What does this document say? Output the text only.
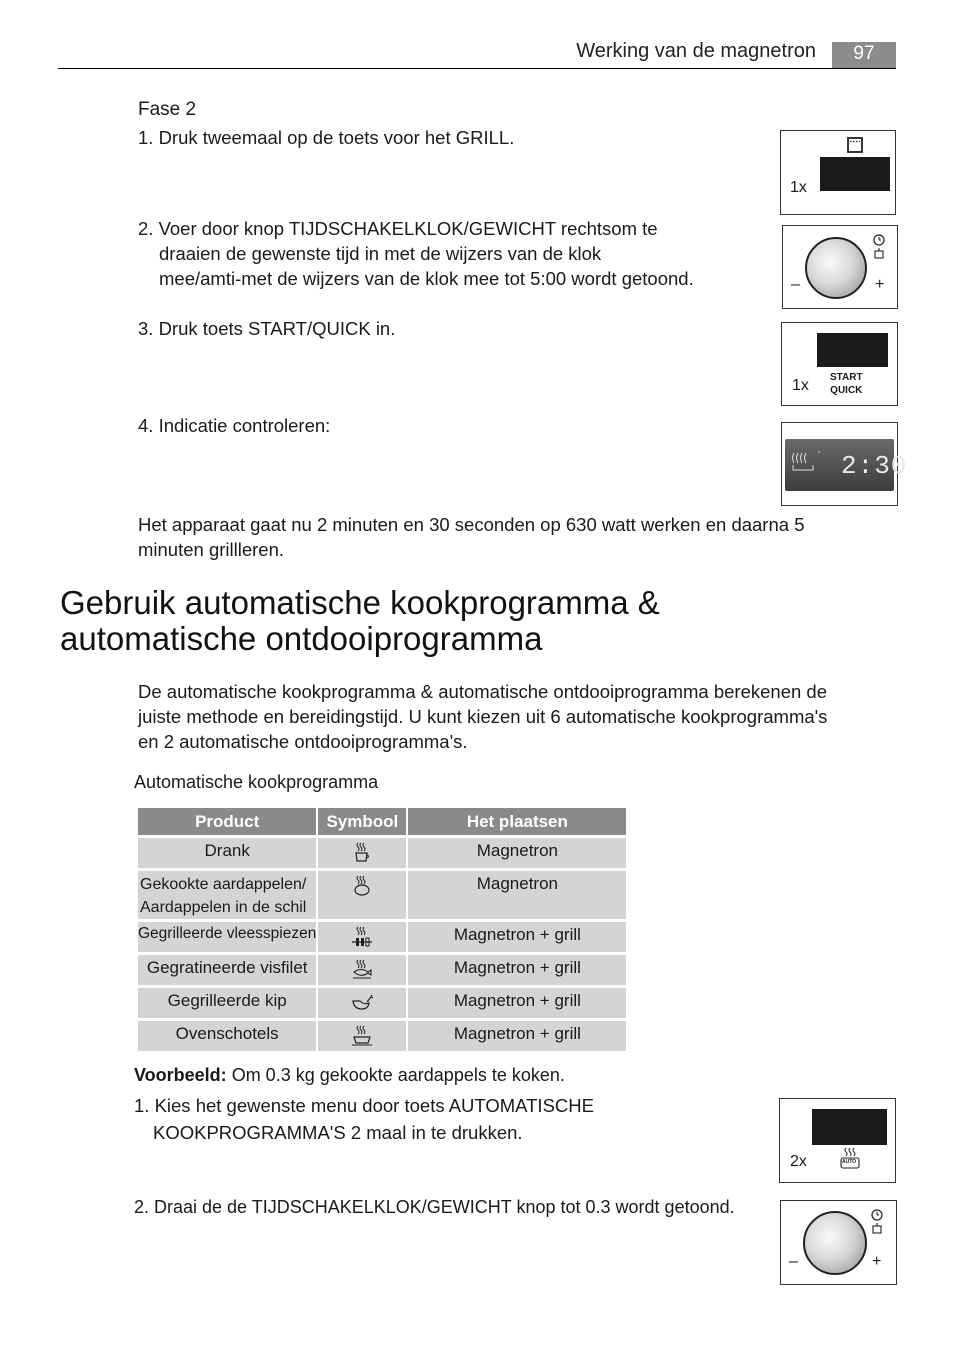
Werking van de magnetron	97
Fase 2
1. Druk tweemaal op de toets voor het GRILL.
2. Voer door knop TIJDSCHAKELKLOK/GEWICHT rechtsom te
draaien de gewenste tijd in met de wijzers van de klok
mee/amti-met de wijzers van de klok mee tot 5:00 wordt getoond.
3. Druk toets START/QUICK in.
4. Indicatie controleren:
Het apparaat gaat nu 2 minuten en 30 seconden op 630 watt werken en daarna 5
minuten grillleren.
1x
–	+
1x START
QUICK
2:30
Gebruik automatische kookprogramma &
automatische ontdooiprogramma
De automatische kookprogramma & automatische ontdooiprogramma berekenen de
juiste methode en bereidingstijd. U kunt kiezen uit 6 automatische kookprogramma's
en 2 automatische ontdooiprogramma's.
Automatische kookprogramma
Product	Symbool	Het plaatsen
Drank		Magnetron

Gekookte aardappelen/
Aardappelen in de schil		Magnetron
Gegrilleerde vleesspiezen		Magnetron + grill
Gegratineerde visfilet		Magnetron + grill
Gegrilleerde kip		Magnetron + grill
Ovenschotels		Magnetron + grill
Voorbeeld: Om 0.3 kg gekookte aardappels te koken.
1. Kies het gewenste menu door toets AUTOMATISCHE
KOOKPROGRAMMA'S 2 maal in te drukken.
2. Draai de de TIJDSCHAKELKLOK/GEWICHT knop tot 0.3 wordt getoond.
2x	AUTO
–	+
